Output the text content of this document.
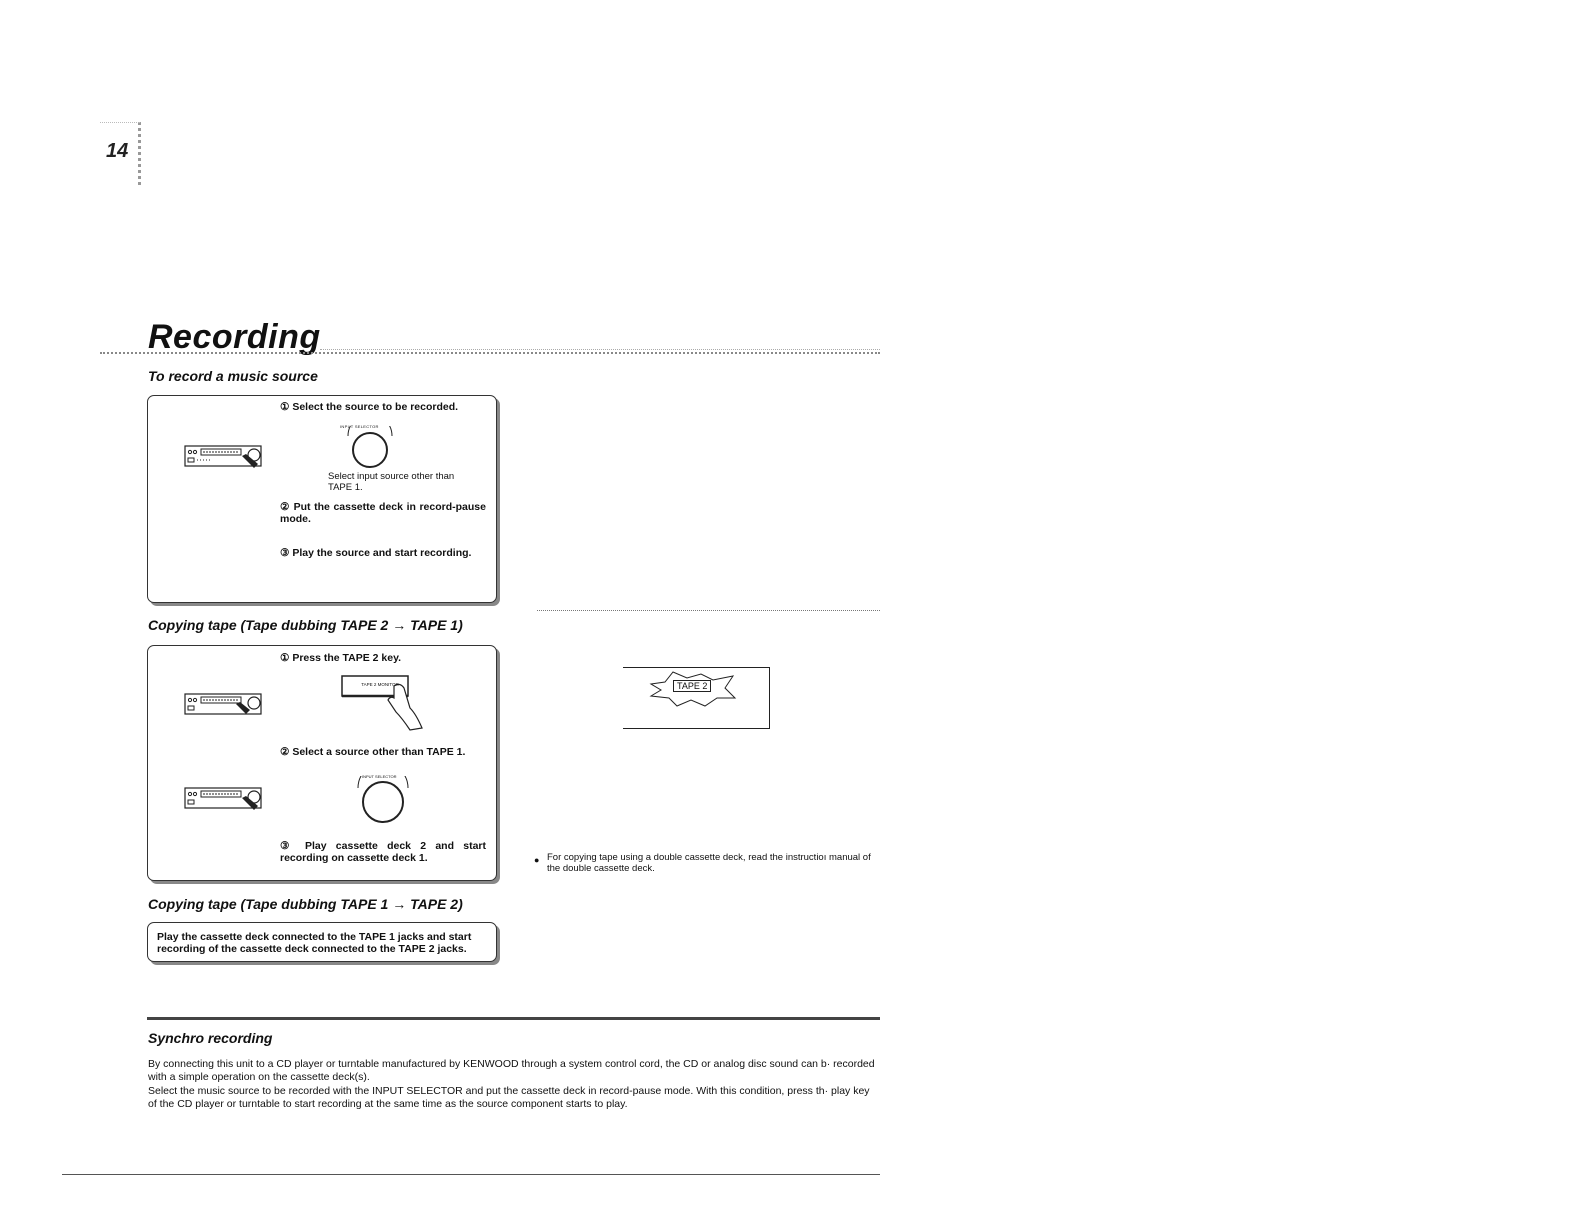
14
Recording
To record a music source
① Select the source to be recorded.
INPUT SELECTOR
Select input source other than TAPE 1.
② Put the cassette deck in record-pause mode.
③ Play the source and start recording.
Copying tape (Tape dubbing TAPE 2 → TAPE 1)
① Press the TAPE 2 key.
TAPE 2 MONITOR
② Select a source other than TAPE 1.
INPUT SELECTOR
③ Play cassette deck 2 and start recording on cassette deck 1.
TAPE 2
● For copying tape using a double cassette deck, read the instructioı manual of the double cassette deck.
Copying tape (Tape dubbing TAPE 1 → TAPE 2)
Play the cassette deck connected to the TAPE 1 jacks and start recording of the cassette deck connected to the TAPE 2 jacks.
Synchro recording
By connecting this unit to a CD player or turntable manufactured by KENWOOD through a system control cord, the CD or analog disc sound can b· recorded with a simple operation on the cassette deck(s).
Select the music source to be recorded with the INPUT SELECTOR and put the cassette deck in record-pause mode. With this condition, press th· play key of the CD player or turntable to start recording at the same time as the source component starts to play.
